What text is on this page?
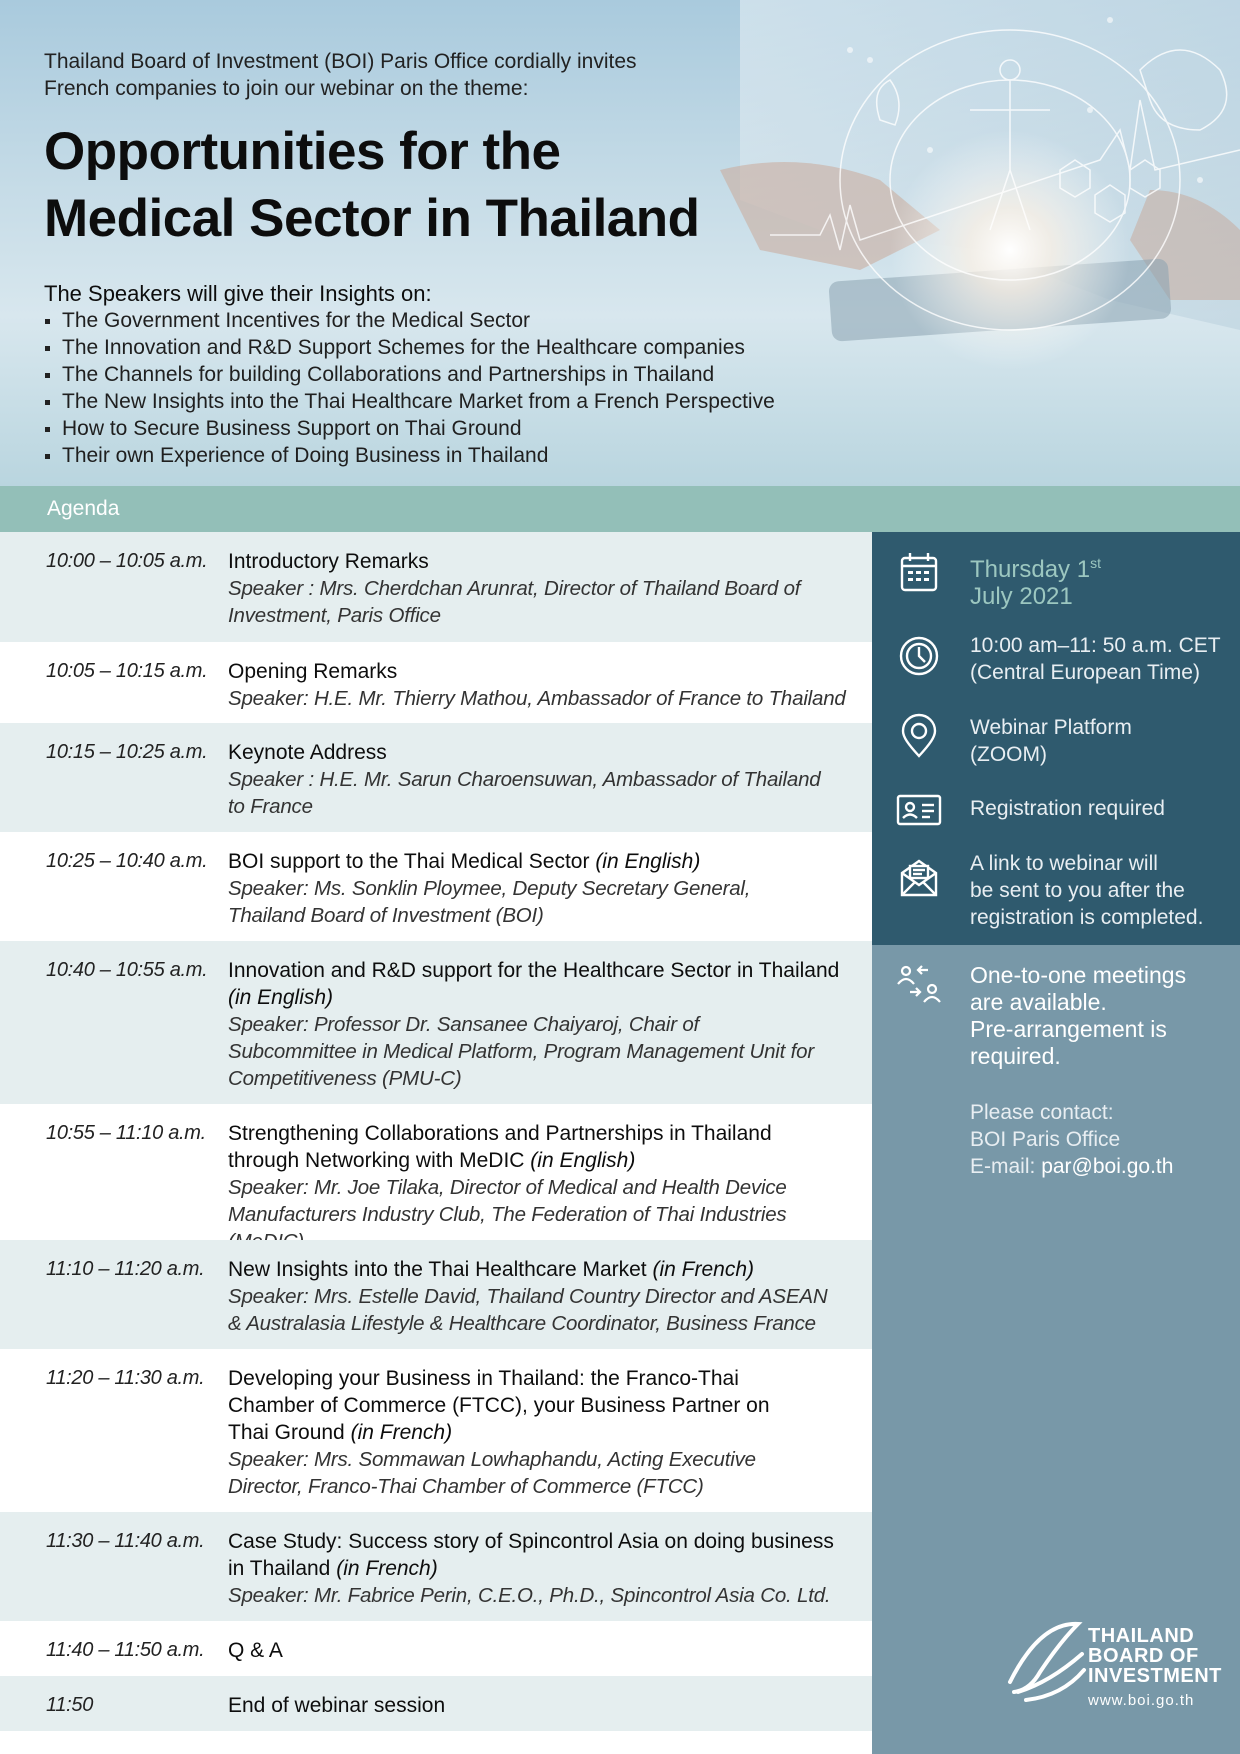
Thailand Board of Investment (BOI) Paris Office cordially invites
French companies to join our webinar on the theme:
Opportunities for the
Medical Sector in Thailand
The Speakers will give their Insights on:
The Government Incentives for the Medical Sector
The Innovation and R&D Support Schemes for the Healthcare companies
The Channels for building Collaborations and Partnerships in Thailand
The New Insights into the Thai Healthcare Market from a French Perspective
How to Secure Business Support on Thai Ground
Their own Experience of Doing Business in Thailand
Agenda
10:00 – 10:05 a.m. Introductory Remarks
Speaker : Mrs. Cherdchan Arunrat, Director of Thailand Board of
Investment, Paris Office
10:05 – 10:15 a.m. Opening Remarks
Speaker: H.E. Mr. Thierry Mathou, Ambassador of France to Thailand
10:15 – 10:25 a.m. Keynote Address
Speaker : H.E. Mr. Sarun Charoensuwan, Ambassador of Thailand
to France
10:25 – 10:40 a.m. BOI support to the Thai Medical Sector (in English)
Speaker: Ms. Sonklin Ploymee, Deputy Secretary General,
Thailand Board of Investment (BOI)
10:40 – 10:55 a.m. Innovation and R&D support for the Healthcare Sector in Thailand
(in English)
Speaker: Professor Dr. Sansanee Chaiyaroj, Chair of
Subcommittee in Medical Platform, Program Management Unit for
Competitiveness (PMU-C)
10:55 – 11:10 a.m. Strengthening Collaborations and Partnerships in Thailand
through Networking with MeDIC (in English)
Speaker: Mr. Joe Tilaka, Director of Medical and Health Device
Manufacturers Industry Club, The Federation of Thai Industries
11:10 – 11:20 a.m. New Insights into the Thai Healthcare Market (in French)
Speaker: Mrs. Estelle David, Thailand Country Director and ASEAN
& Australasia Lifestyle & Healthcare Coordinator, Business France
11:20 – 11:30 a.m. Developing your Business in Thailand: the Franco-Thai
Chamber of Commerce (FTCC), your Business Partner on
Thai Ground (in French)
Speaker: Mrs. Sommawan Lowhaphandu, Acting Executive
Director, Franco-Thai Chamber of Commerce (FTCC)
11:30 – 11:40 a.m. Case Study: Success story of Spincontrol Asia on doing business
in Thailand (in French)
Speaker: Mr. Fabrice Perin, C.E.O., Ph.D., Spincontrol Asia Co. Ltd.
11:40 – 11:50 a.m. Q & A
11:50	End of webinar session
Thursday 1st
July 2021
10:00 am–11: 50 a.m. CET
(Central European Time)
Webinar Platform
(ZOOM)
Registration required
A link to webinar will
be sent to you after the
registration is completed.
One-to-one meetings
are available.
Pre-arrangement is
required.
Please contact:
BOI Paris Office
E-mail: par@boi.go.th
THAILAND
BOARD OF
INVESTMENT
www.boi.go.th
